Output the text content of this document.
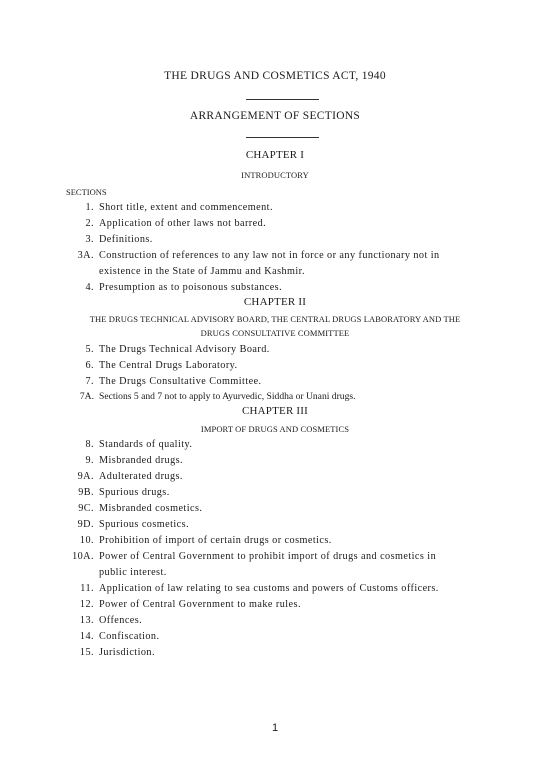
THE DRUGS AND COSMETICS ACT, 1940
ARRANGEMENT OF SECTIONS
CHAPTER I
INTRODUCTORY
SECTIONS
1. Short title, extent and commencement.
2. Application of other laws not barred.
3. Definitions.
3A. Construction of references to any law not in force or any functionary not in
existence in the State of Jammu and Kashmir.
4. Presumption as to poisonous substances.
CHAPTER II
THE DRUGS TECHNICAL ADVISORY BOARD, THE CENTRAL DRUGS LABORATORY AND THE
DRUGS CONSULTATIVE COMMITTEE
5. The Drugs Technical Advisory Board.
6. The Central Drugs Laboratory.
7. The Drugs Consultative Committee.
7A. Sections 5 and 7 not to apply to Ayurvedic, Siddha or Unani drugs.
CHAPTER III
IMPORT OF DRUGS AND COSMETICS
8. Standards of quality.
9. Misbranded drugs.
9A. Adulterated drugs.
9B. Spurious drugs.
9C. Misbranded cosmetics.
9D. Spurious cosmetics.
10. Prohibition of import of certain drugs or cosmetics.
10A. Power of Central Government to prohibit import of drugs and cosmetics in
public interest.
11. Application of law relating to sea customs and powers of Customs officers.
12. Power of Central Government to make rules.
13. Offences.
14. Confiscation.
15. Jurisdiction.
1
